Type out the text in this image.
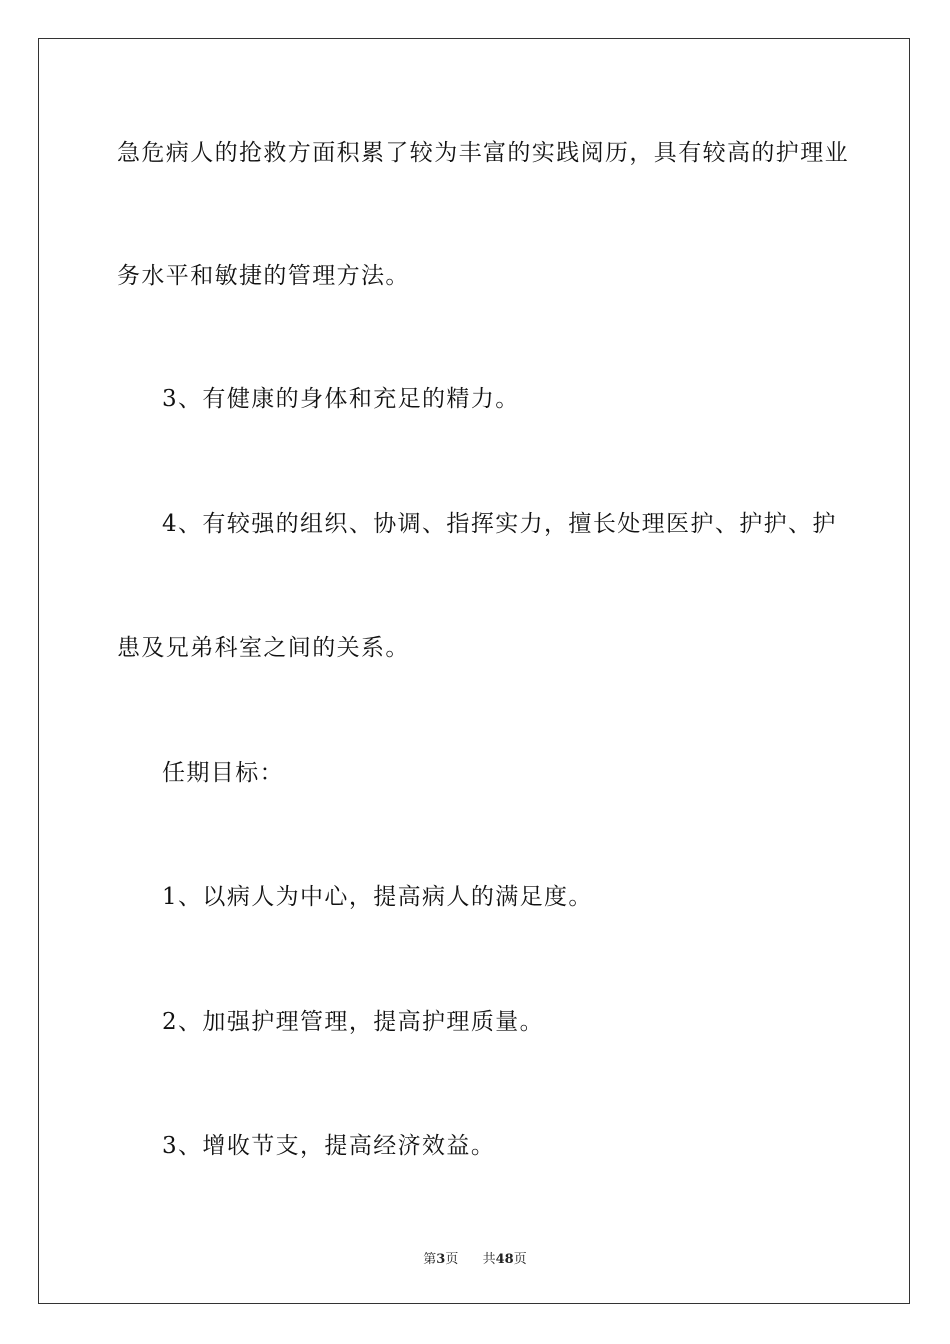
急危病人的抢救方面积累了较为丰富的实践阅历，具有较高的护理业
务水平和敏捷的管理方法。
3、有健康的身体和充足的精力。
4、有较强的组织、协调、指挥实力，擅长处理医护、护护、护
患及兄弟科室之间的关系。
任期目标：
1、以病人为中心，提高病人的满足度。
2、加强护理管理，提高护理质量。
3、增收节支，提高经济效益。
第3页 共48页
